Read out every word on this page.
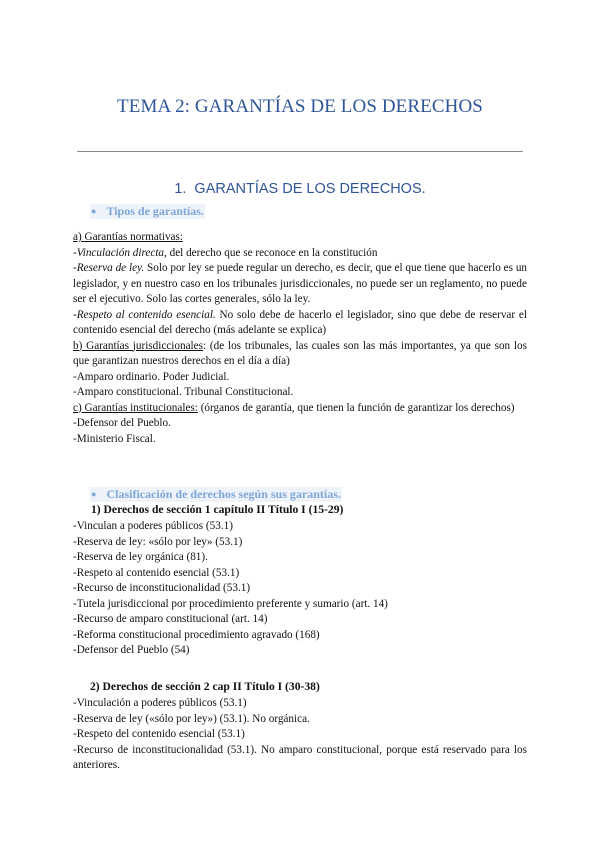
TEMA 2: GARANTÍAS DE LOS DERECHOS
1. GARANTÍAS DE LOS DERECHOS.
● Tipos de garantías.

a) Garantías normativas:

-Vinculación directa, del derecho que se reconoce en la constitución

-Reserva de ley. Solo por ley se puede regular un derecho, es decir, que el que tiene que hacerlo es un legislador, y en nuestro caso en los tribunales jurisdiccionales, no puede ser un reglamento, no puede ser el ejecutivo. Solo las cortes generales, sólo la ley.

-Respeto al contenido esencial. No solo debe de hacerlo el legislador, sino que debe de reservar el contenido esencial del derecho (más adelante se explica)

b) Garantías jurisdiccionales: (de los tribunales, las cuales son las más importantes, ya que son los que garantizan nuestros derechos en el día a día)

-Amparo ordinario. Poder Judicial.

-Amparo constitucional. Tribunal Constitucional.

c) Garantías institucionales: (órganos de garantía, que tienen la función de garantizar los derechos)

-Defensor del Pueblo.

-Ministerio Fiscal.

● Clasificación de derechos según sus garantías.
1) Derechos de sección 1 capítulo II Título I (15-29)

-Vinculan a poderes públicos (53.1)

-Reserva de ley: «sólo por ley» (53.1)

-Reserva de ley orgánica (81).

-Respeto al contenido esencial (53.1)

-Recurso de inconstitucionalidad (53.1)

-Tutela jurisdiccional por procedimiento preferente y sumario (art. 14)

-Recurso de amparo constitucional (art. 14)

-Reforma constitucional procedimiento agravado (168)

-Defensor del Pueblo (54)

2) Derechos de sección 2 cap II Título I (30-38)

-Vinculación a poderes públicos (53.1)

-Reserva de ley («sólo por ley») (53.1). No orgánica.

-Respeto del contenido esencial (53.1)

-Recurso de inconstitucionalidad (53.1). No amparo constitucional, porque está reservado para los anteriores.
